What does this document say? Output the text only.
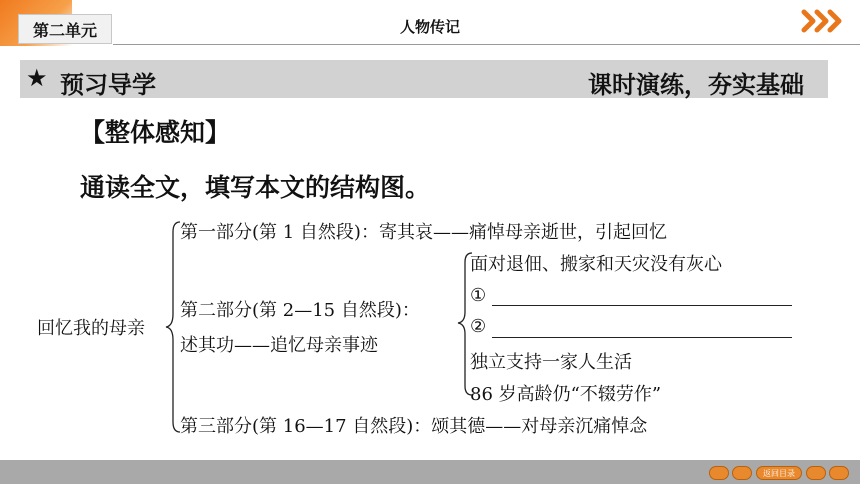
第二单元	人物传记
★ 预习导学	课时演练，夯实基础
【整体感知】
通读全文，填写本文的结构图。
回忆我的母亲
第一部分(第 1 自然段)：寄其哀——痛悼母亲逝世，引起回忆
第二部分(第 2—15 自然段)：
述其功——追忆母亲事迹
面对退佃、搬家和天灾没有灰心
①
②
独立支持一家人生活
86 岁高龄仍“不辍劳作”
第三部分(第 16—17 自然段)：颂其德——对母亲沉痛悼念
返回目录
